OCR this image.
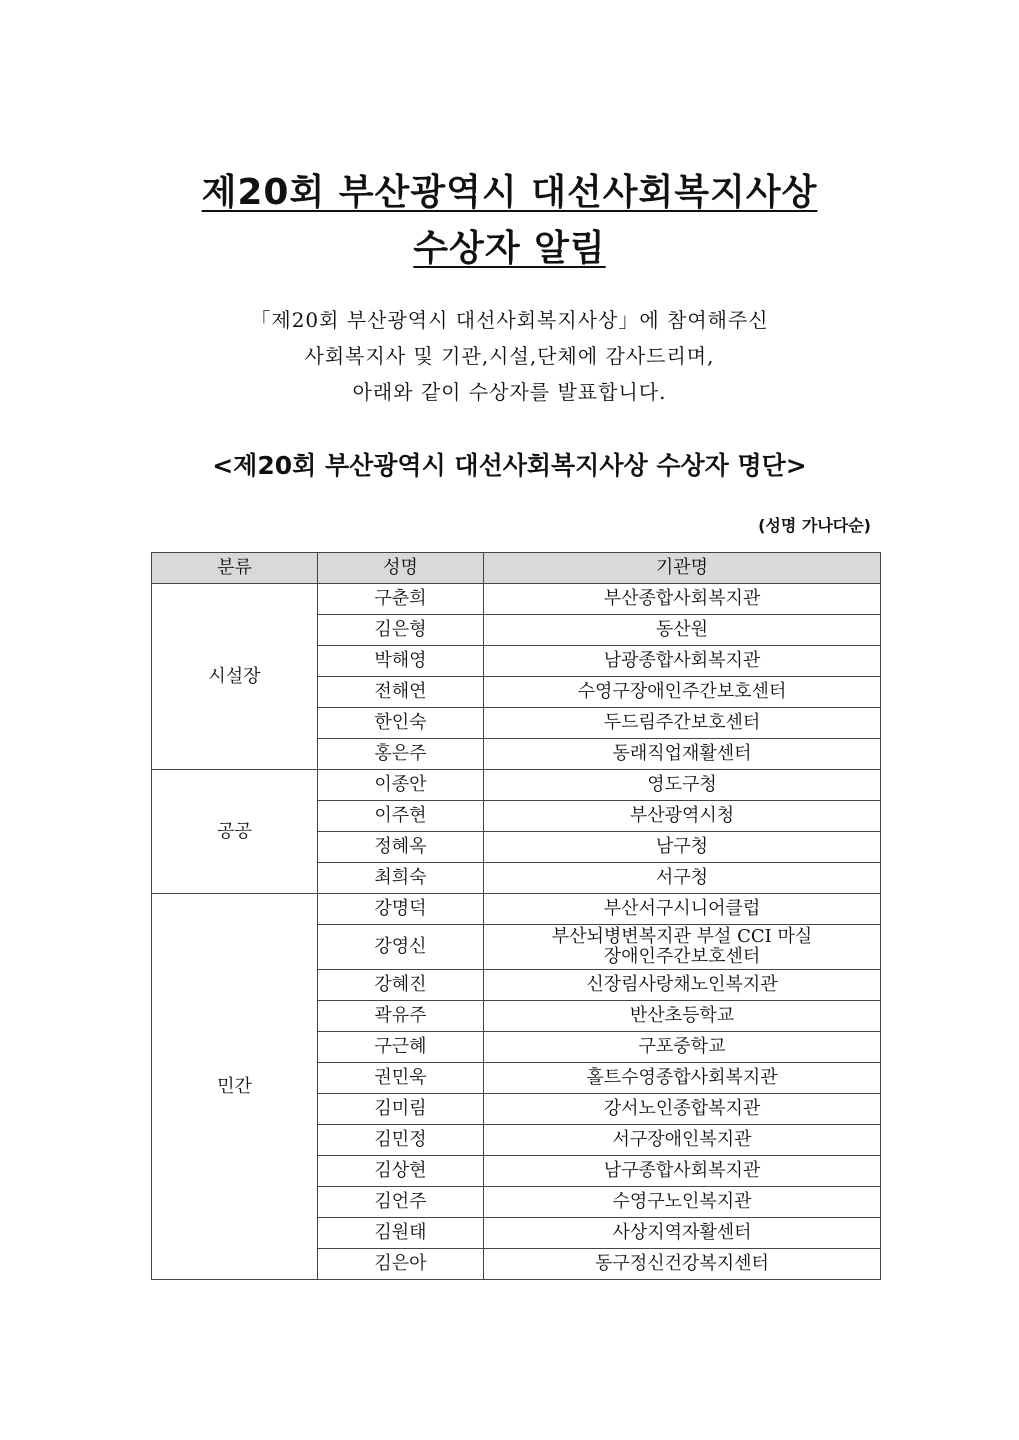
제20회 부산광역시 대선사회복지사상
수상자 알림
「제20회 부산광역시 대선사회복지사상」에 참여해주신
사회복지사 및 기관,시설,단체에 감사드리며,
아래와 같이 수상자를 발표합니다.
<제20회 부산광역시 대선사회복지사상 수상자 명단>
(성명 가나다순)
분류	성명	기관명
시설장	구춘희	부산종합사회복지관
	김은형	동산원
	박해영	남광종합사회복지관
	전해연	수영구장애인주간보호센터
	한인숙	두드림주간보호센터
	홍은주	동래직업재활센터
공공	이종안	영도구청
	이주현	부산광역시청
	정혜옥	남구청
	최희숙	서구청
민간	강명덕	부산서구시니어클럽
	강영신	부산뇌병변복지관 부설 CCI 마실
장애인주간보호센터

	강혜진	신장림사랑채노인복지관
	곽유주	반산초등학교
	구근혜	구포중학교
	권민욱	홀트수영종합사회복지관
	김미림	강서노인종합복지관
	김민정	서구장애인복지관
	김상현	남구종합사회복지관
	김언주	수영구노인복지관
	김원태	사상지역자활센터
	김은아	동구정신건강복지센터
